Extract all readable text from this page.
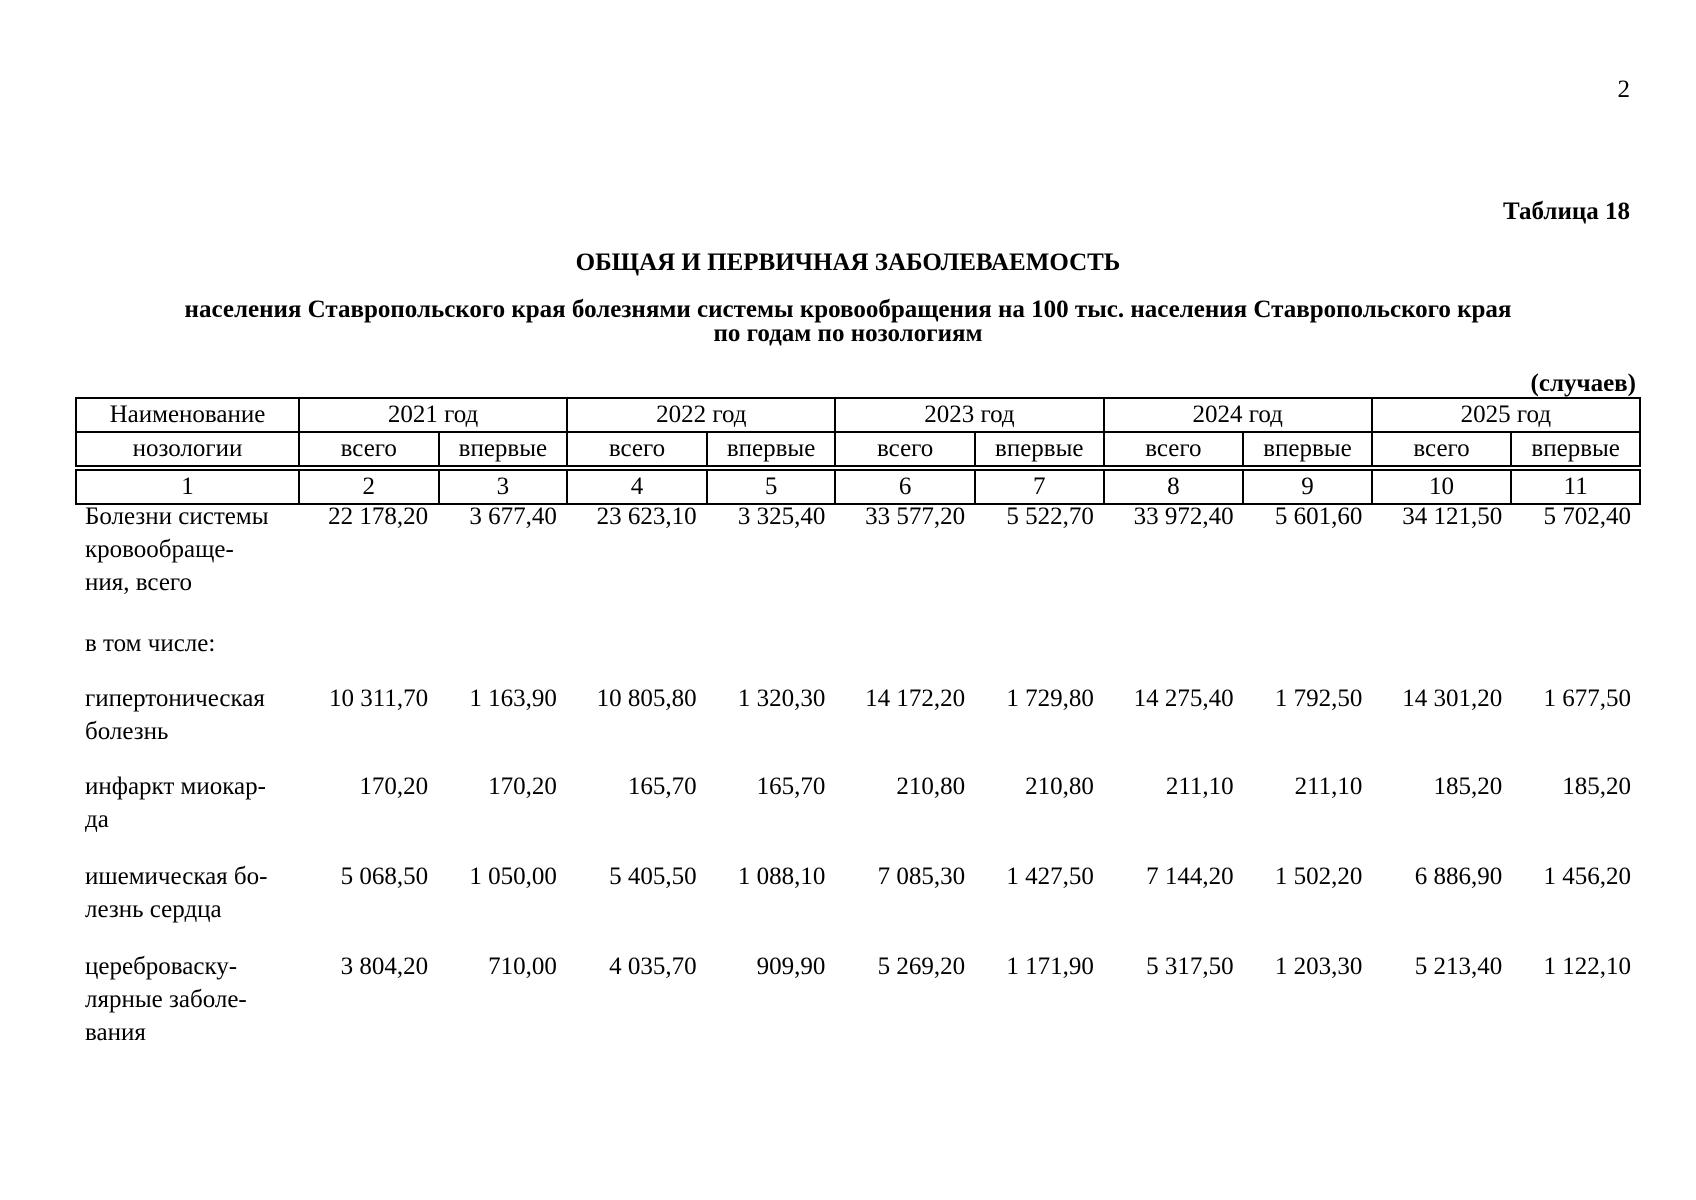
2
Таблица 18
ОБЩАЯ И ПЕРВИЧНАЯ ЗАБОЛЕВАЕМОСТЬ
населения Ставропольского края болезнями системы кровообращения на 100 тыс. населения Ставропольского края
по годам по нозологиям
(случаев)
Наименование	2021 год		2022 год		2023 год		2024 год		2025 год	
нозологии	всего	впервые	всего	впервые	всего	впервые	всего	впервые	всего	впервые

1	2	3	4	5	6	7	8	9	10	11
Болезни системы
кровообраще-
ния, всего	22 178,20	3 677,40	23 623,10	3 325,40	33 577,20	5 522,70	33 972,40	5 601,60	34 121,50	5 702,40

в том числе:										

гипертоническая
болезнь	10 311,70	1 163,90	10 805,80	1 320,30	14 172,20	1 729,80	14 275,40	1 792,50	14 301,20	1 677,50

инфаркт миокар-
да	170,20	170,20	165,70	165,70	210,80	210,80	211,10	211,10	185,20	185,20

ишемическая бо-
лезнь сердца	5 068,50	1 050,00	5 405,50	1 088,10	7 085,30	1 427,50	7 144,20	1 502,20	6 886,90	1 456,20

цереброваску-
лярные заболе-
вания	3 804,20	710,00	4 035,70	909,90	5 269,20	1 171,90	5 317,50	1 203,30	5 213,40	1 122,10
